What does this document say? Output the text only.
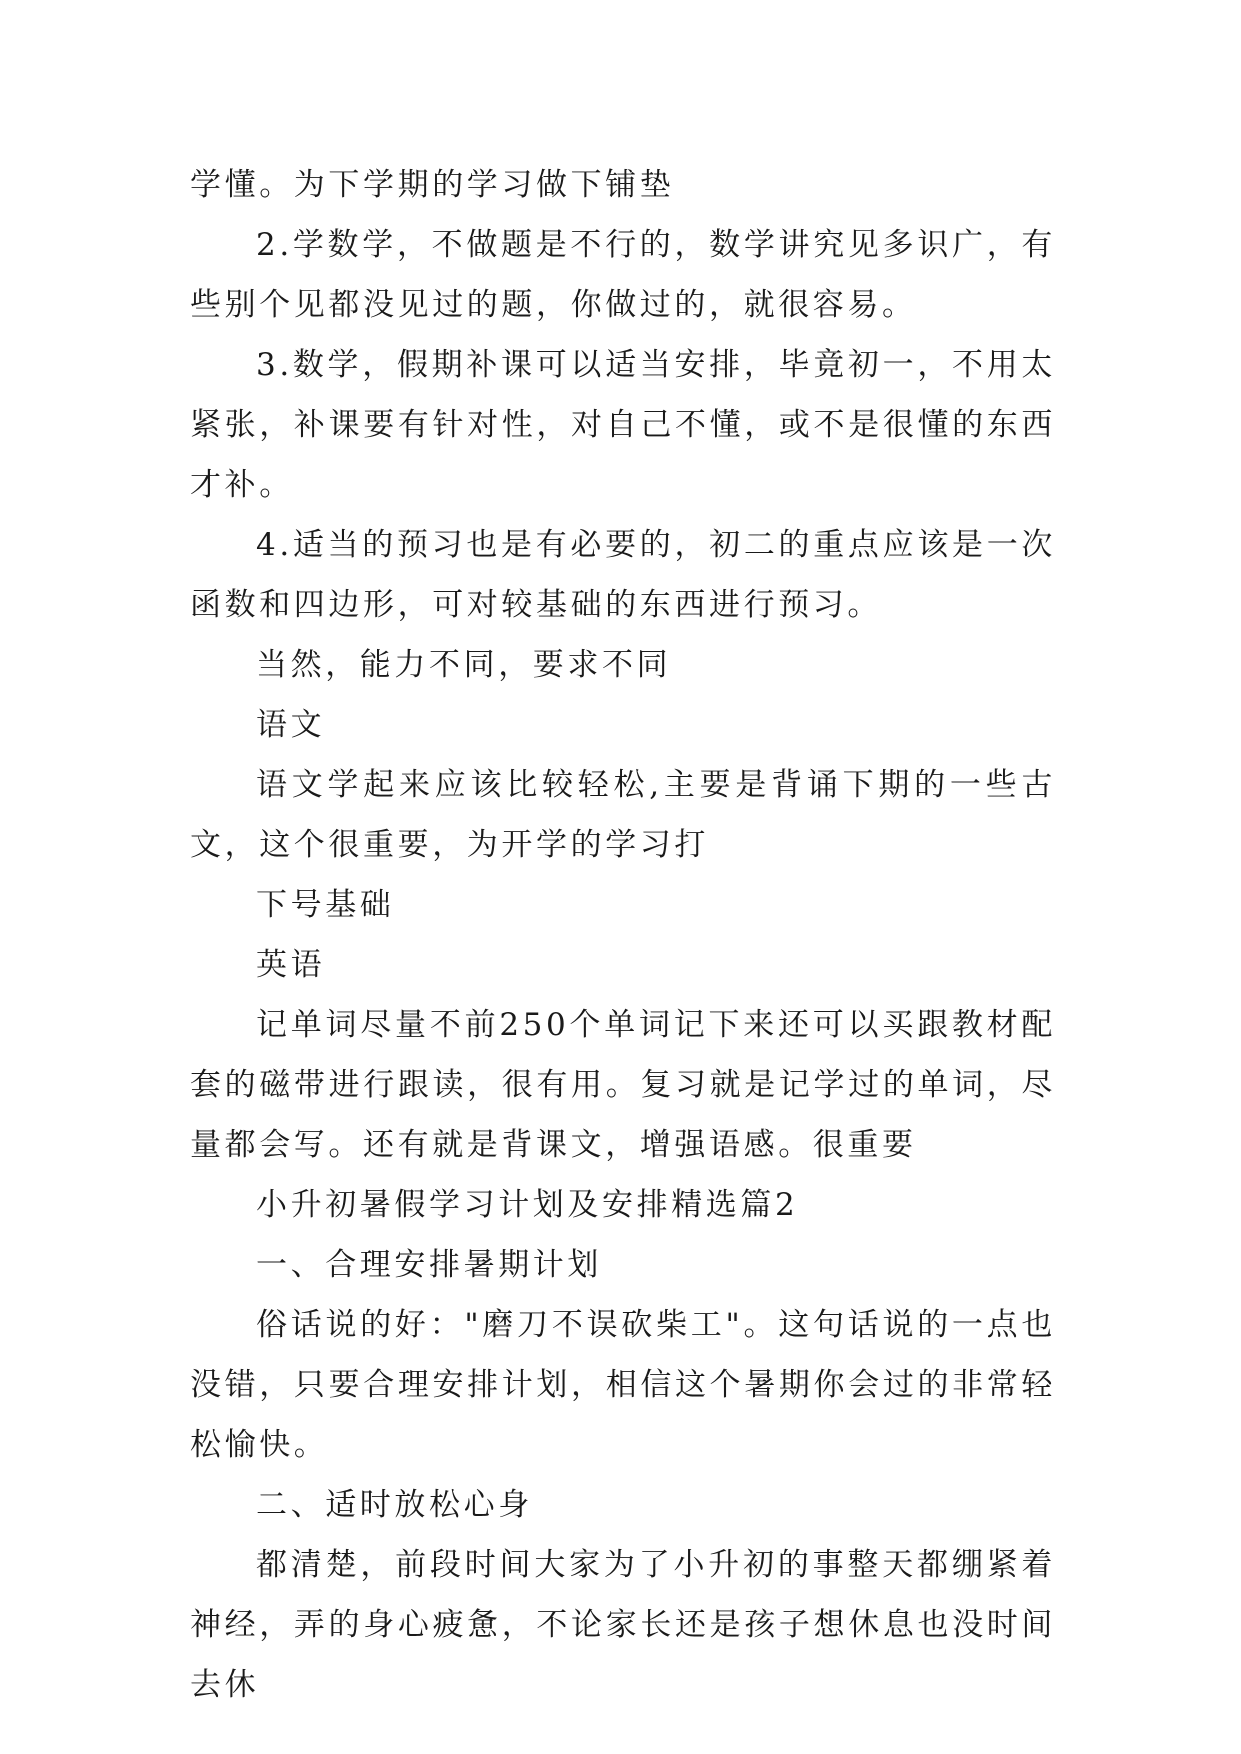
学懂。为下学期的学习做下铺垫

2.学数学，不做题是不行的，数学讲究见多识广，有些别个见都没见过的题，你做过的，就很容易。

3.数学，假期补课可以适当安排，毕竟初一，不用太紧张，补课要有针对性，对自己不懂，或不是很懂的东西才补。

4.适当的预习也是有必要的，初二的重点应该是一次函数和四边形，可对较基础的东西进行预习。

当然，能力不同，要求不同

语文

语文学起来应该比较轻松,主要是背诵下期的一些古文，这个很重要，为开学的学习打

下号基础

英语

记单词尽量不前250个单词记下来还可以买跟教材配套的磁带进行跟读，很有用。复习就是记学过的单词，尽量都会写。还有就是背课文，增强语感。很重要

小升初暑假学习计划及安排精选篇2

一、合理安排暑期计划

俗话说的好："磨刀不误砍柴工"。这句话说的一点也没错，只要合理安排计划，相信这个暑期你会过的非常轻松愉快。

二、适时放松心身

都清楚，前段时间大家为了小升初的事整天都绷紧着神经，弄的身心疲惫，不论家长还是孩子想休息也没时间去休
